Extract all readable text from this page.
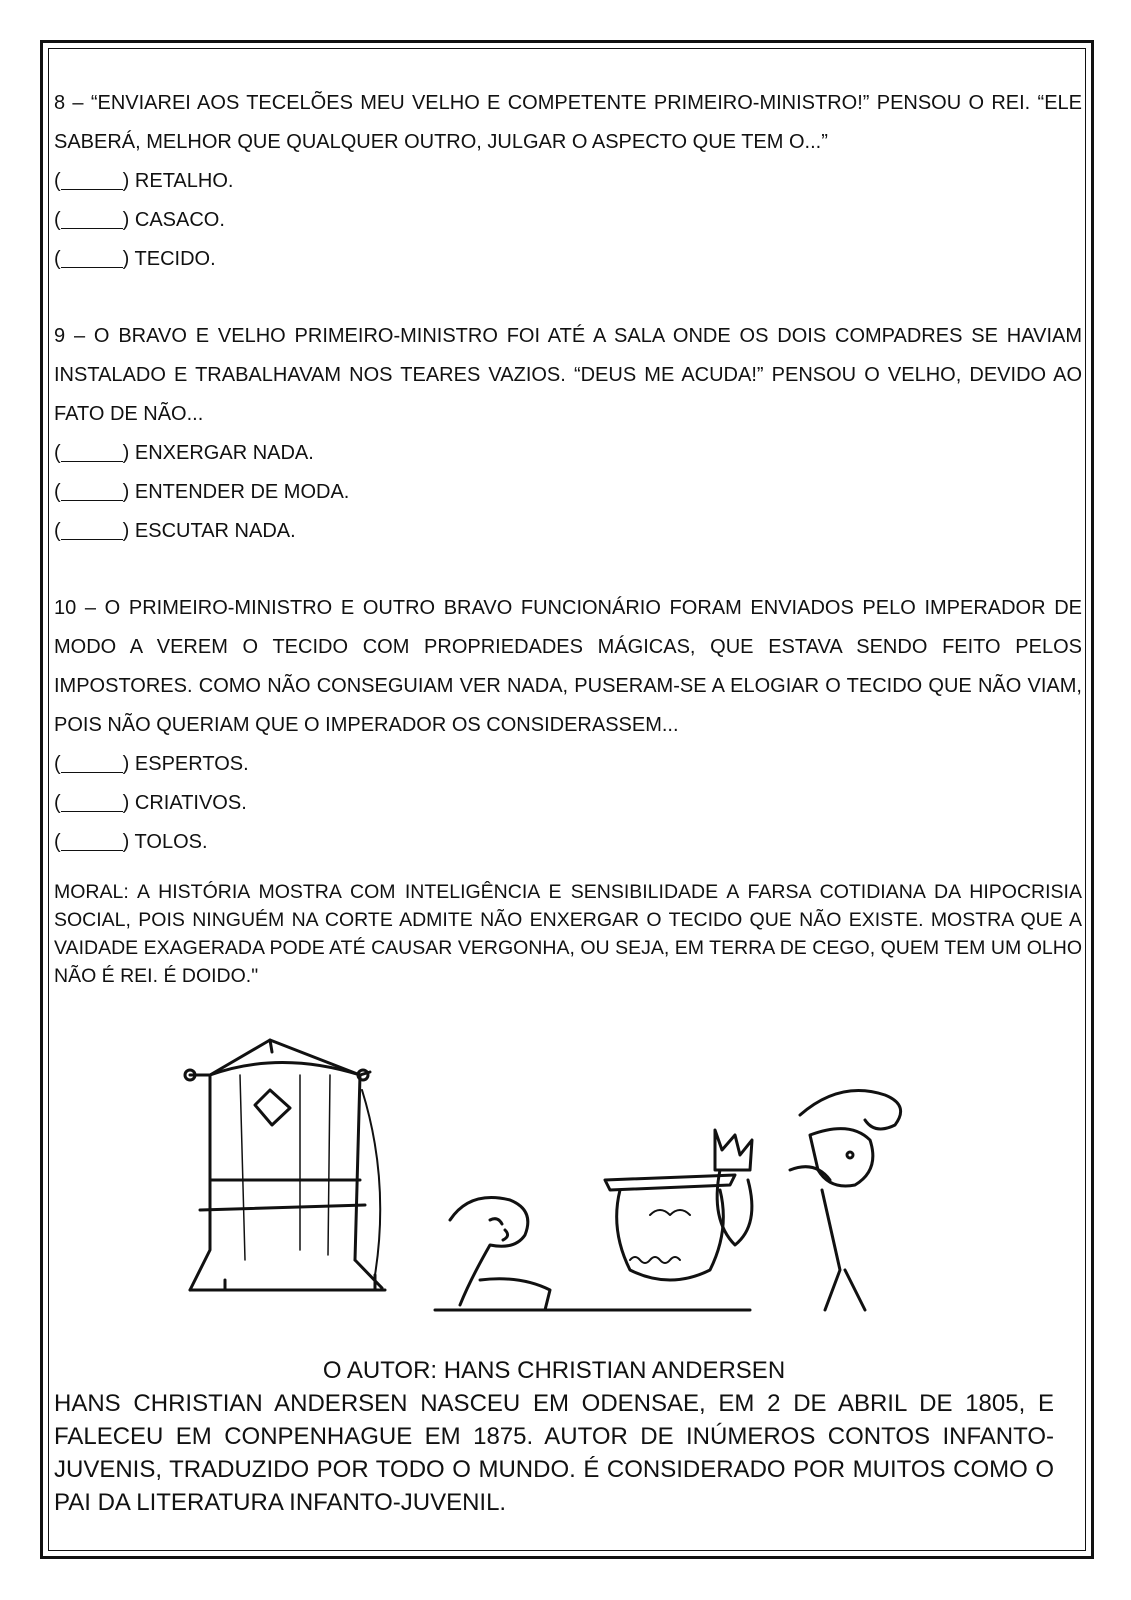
8 – “ENVIAREI AOS TECELÕES MEU VELHO E COMPETENTE PRIMEIRO-MINISTRO!” PENSOU O REI. “ELE SABERÁ, MELHOR QUE QUALQUER OUTRO, JULGAR O ASPECTO QUE TEM O...”

(	) RETALHO.

(	) CASACO.

(	) TECIDO.

9 – O BRAVO E VELHO PRIMEIRO-MINISTRO FOI ATÉ A SALA ONDE OS DOIS COMPADRES SE HAVIAM INSTALADO E TRABALHAVAM NOS TEARES VAZIOS. “DEUS ME ACUDA!” PENSOU O VELHO, DEVIDO AO FATO DE NÃO...

(	) ENXERGAR NADA.

(	) ENTENDER DE MODA.

(	) ESCUTAR NADA.

10 – O PRIMEIRO-MINISTRO E OUTRO BRAVO FUNCIONÁRIO FORAM ENVIADOS PELO IMPERADOR DE MODO A VEREM O TECIDO COM PROPRIEDADES MÁGICAS, QUE ESTAVA SENDO FEITO PELOS IMPOSTORES. COMO NÃO CONSEGUIAM VER NADA, PUSERAM-SE A ELOGIAR O TECIDO QUE NÃO VIAM, POIS NÃO QUERIAM QUE O IMPERADOR OS CONSIDERASSEM...

(	) ESPERTOS.

(	) CRIATIVOS.

(	) TOLOS.

MORAL: A HISTÓRIA MOSTRA COM INTELIGÊNCIA E SENSIBILIDADE A FARSA COTIDIANA DA HIPOCRISIA SOCIAL, POIS NINGUÉM NA CORTE ADMITE NÃO ENXERGAR O TECIDO QUE NÃO EXISTE. MOSTRA QUE A VAIDADE EXAGERADA PODE ATÉ CAUSAR VERGONHA, OU SEJA, EM TERRA DE CEGO, QUEM TEM UM OLHO NÃO É REI. É DOIDO."

O AUTOR: HANS CHRISTIAN ANDERSEN

HANS CHRISTIAN ANDERSEN NASCEU EM ODENSAE, EM 2 DE ABRIL DE 1805, E FALECEU EM CONPENHAGUE EM 1875. AUTOR DE INÚMEROS CONTOS INFANTO-JUVENIS, TRADUZIDO POR TODO O MUNDO. É CONSIDERADO POR MUITOS COMO O PAI DA LITERATURA INFANTO-JUVENIL.
